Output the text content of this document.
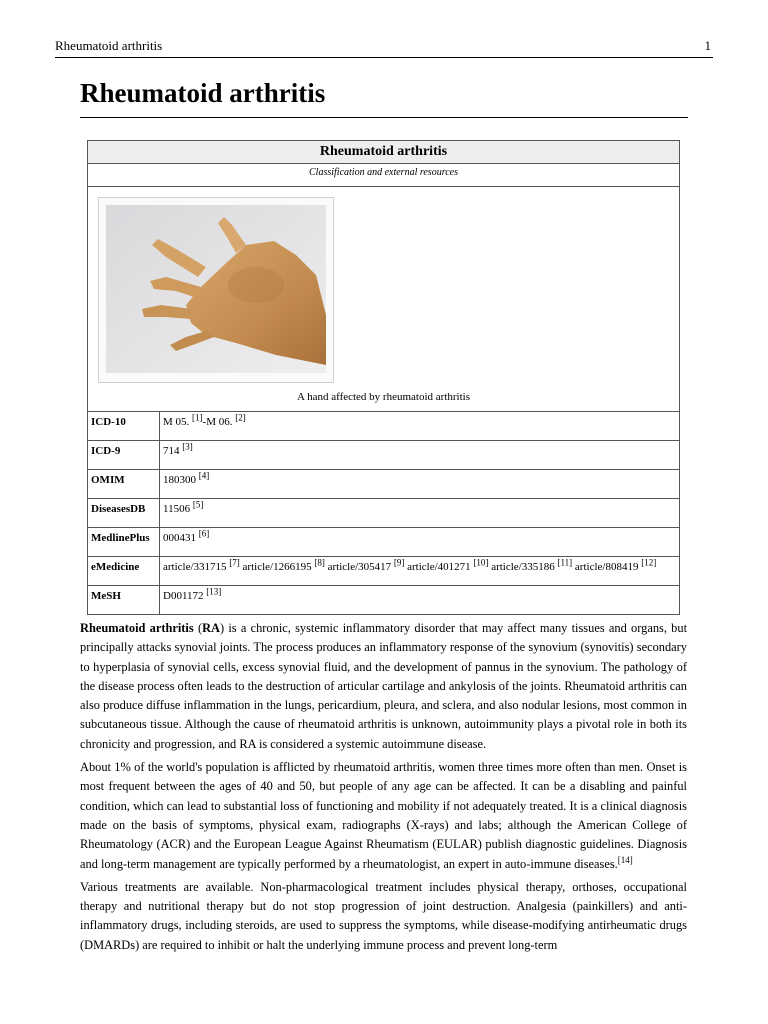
Rheumatoid arthritis	1
Rheumatoid arthritis
Rheumatoid arthritis	
Classification and external resources	

A hand affected by rheumatoid arthritis	

ICD-10	M 05. [1]-M 06. [2]
ICD-9	714 [3]
OMIM	180300 [4]
DiseasesDB	11506 [5]
MedlinePlus	000431 [6]
eMedicine	article/331715 [7] article/1266195 [8] article/305417 [9] article/401271 [10] article/335186 [11] article/808419 [12]
MeSH	D001172 [13]

Rheumatoid arthritis (RA) is a chronic, systemic inflammatory disorder that may affect many tissues and organs, but principally attacks synovial joints. The process produces an inflammatory response of the synovium (synovitis) secondary to hyperplasia of synovial cells, excess synovial fluid, and the development of pannus in the synovium. The pathology of the disease process often leads to the destruction of articular cartilage and ankylosis of the joints. Rheumatoid arthritis can also produce diffuse inflammation in the lungs, pericardium, pleura, and sclera, and also nodular lesions, most common in subcutaneous tissue. Although the cause of rheumatoid arthritis is unknown, autoimmunity plays a pivotal role in both its chronicity and progression, and RA is considered a systemic autoimmune disease.

About 1% of the world's population is afflicted by rheumatoid arthritis, women three times more often than men. Onset is most frequent between the ages of 40 and 50, but people of any age can be affected. It can be a disabling and painful condition, which can lead to substantial loss of functioning and mobility if not adequately treated. It is a clinical diagnosis made on the basis of symptoms, physical exam, radiographs (X-rays) and labs; although the American College of Rheumatology (ACR) and the European League Against Rheumatism (EULAR) publish diagnostic guidelines. Diagnosis and long-term management are typically performed by a rheumatologist, an expert in auto-immune diseases.[14]

Various treatments are available. Non-pharmacological treatment includes physical therapy, orthoses, occupational therapy and nutritional therapy but do not stop progression of joint destruction. Analgesia (painkillers) and anti-inflammatory drugs, including steroids, are used to suppress the symptoms, while disease-modifying antirheumatic drugs (DMARDs) are required to inhibit or halt the underlying immune process and prevent long-term
